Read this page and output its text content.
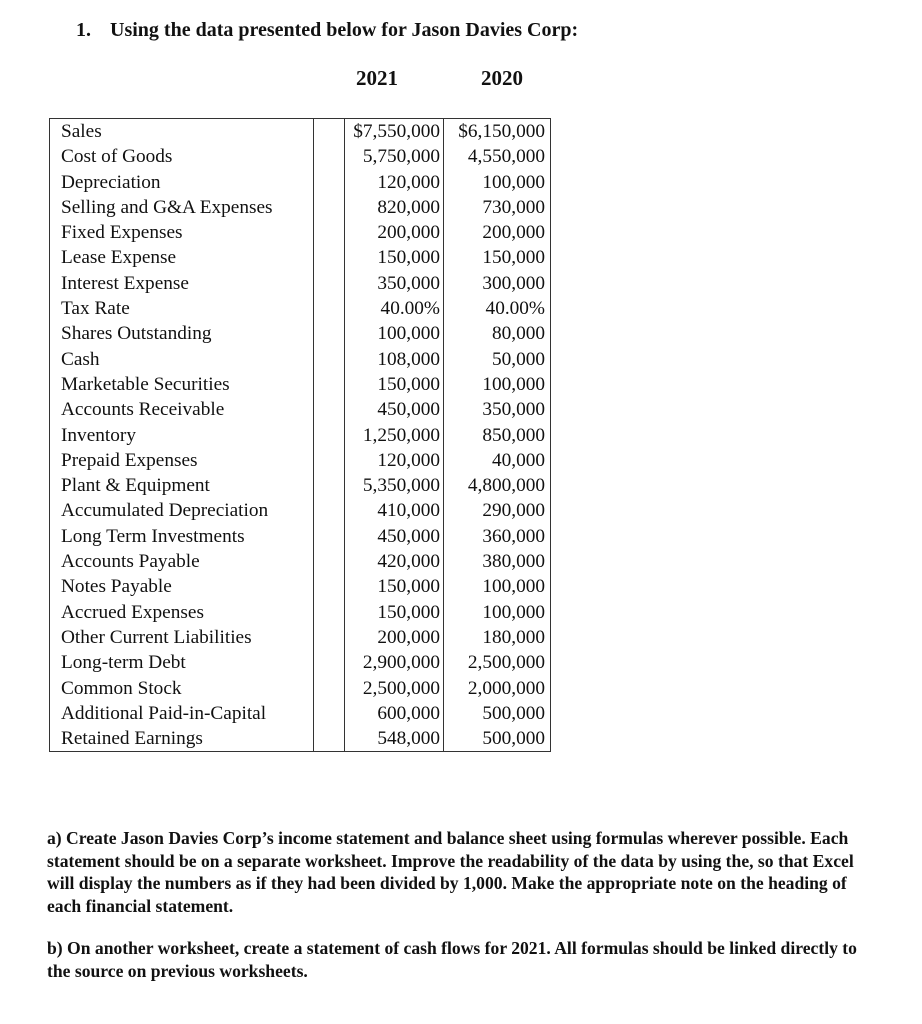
1. Using the data presented below for Jason Davies Corp:
2021	2020
Sales		$7,550,000	$6,150,000
Cost of Goods		5,750,000	4,550,000
Depreciation		120,000	100,000
Selling and G&A Expenses		820,000	730,000
Fixed Expenses		200,000	200,000
Lease Expense		150,000	150,000
Interest Expense		350,000	300,000
Tax Rate		40.00%	40.00%
Shares Outstanding		100,000	80,000
Cash		108,000	50,000
Marketable Securities		150,000	100,000
Accounts Receivable		450,000	350,000
Inventory		1,250,000	850,000
Prepaid Expenses		120,000	40,000
Plant & Equipment		5,350,000	4,800,000
Accumulated Depreciation		410,000	290,000
Long Term Investments		450,000	360,000
Accounts Payable		420,000	380,000
Notes Payable		150,000	100,000
Accrued Expenses		150,000	100,000
Other Current Liabilities		200,000	180,000
Long-term Debt		2,900,000	2,500,000
Common Stock		2,500,000	2,000,000
Additional Paid-in-Capital		600,000	500,000
Retained Earnings		548,000	500,000
a) Create Jason Davies Corp’s income statement and balance sheet using formulas wherever possible. Each statement should be on a separate worksheet. Improve the readability of the data by using the, so that Excel will display the numbers as if they had been divided by 1,000. Make the appropriate note on the heading of each financial statement.
b) On another worksheet, create a statement of cash flows for 2021. All formulas should be linked directly to the source on previous worksheets.
